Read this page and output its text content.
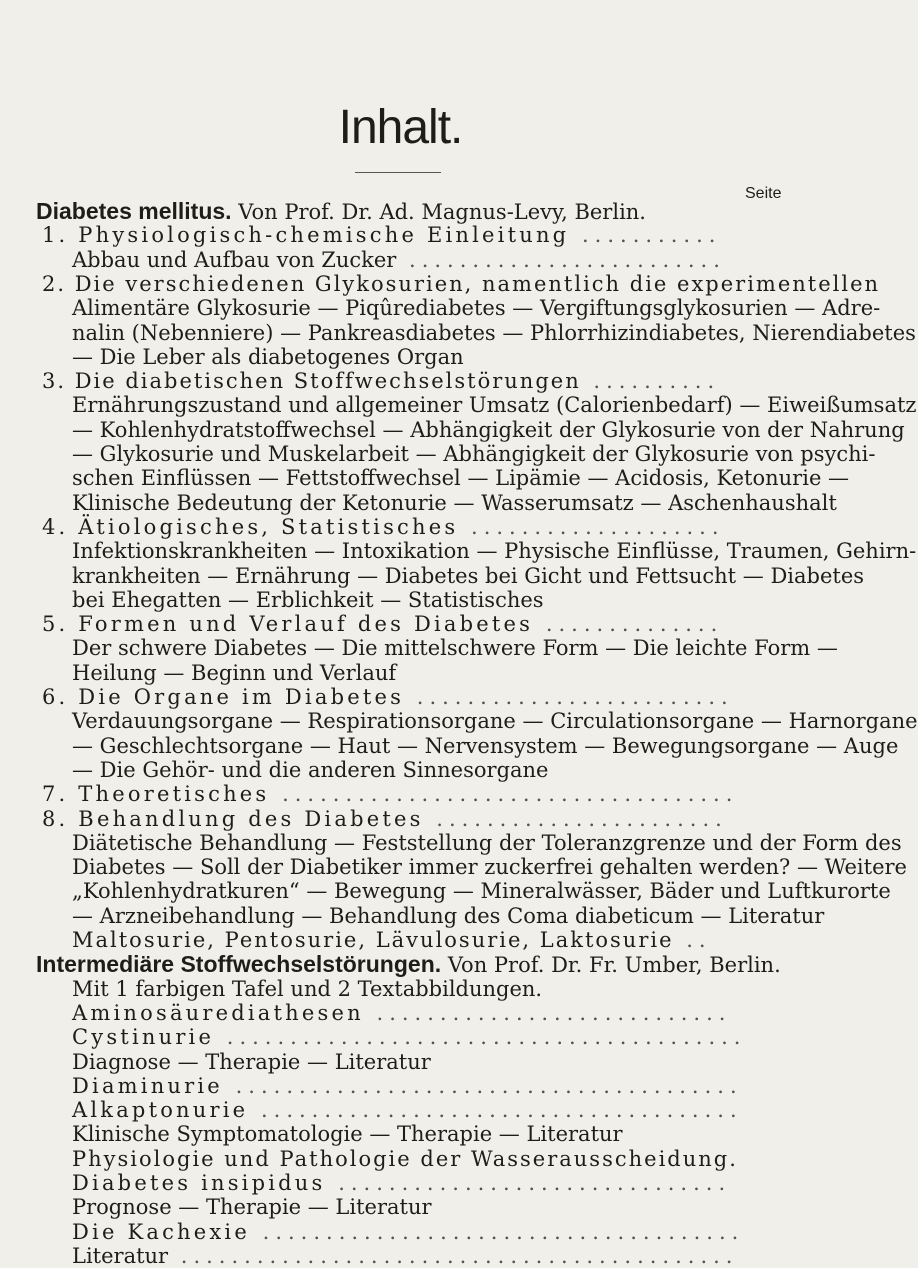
Inhalt.
Seite
Diabetes mellitus. Von Prof. Dr. Ad. Magnus-Levy, Berlin.
1. Physiologisch-chemische Einleitung ...........
Abbau und Aufbau von Zucker .........................
2. Die verschiedenen Glykosurien, namentlich die experimentellen
Alimentäre Glykosurie — Piqûrediabetes — Vergiftungsglykosurien — Adre-
nalin (Nebenniere) — Pankreasdiabetes — Phlorrhizindiabetes, Nierendiabetes
— Die Leber als diabetogenes Organ
3. Die diabetischen Stoffwechselstörungen ..........
Ernährungszustand und allgemeiner Umsatz (Calorienbedarf) — Eiweißumsatz
— Kohlenhydratstoffwechsel — Abhängigkeit der Glykosurie von der Nahrung
— Glykosurie und Muskelarbeit — Abhängigkeit der Glykosurie von psychi-
schen Einflüssen — Fettstoffwechsel — Lipämie — Acidosis, Ketonurie —
Klinische Bedeutung der Ketonurie — Wasserumsatz — Aschenhaushalt
4. Ätiologisches, Statistisches ....................
Infektionskrankheiten — Intoxikation — Physische Einflüsse, Traumen, Gehirn-
krankheiten — Ernährung — Diabetes bei Gicht und Fettsucht — Diabetes
bei Ehegatten — Erblichkeit — Statistisches
5. Formen und Verlauf des Diabetes ..............
Der schwere Diabetes — Die mittelschwere Form — Die leichte Form —
Heilung — Beginn und Verlauf
6. Die Organe im Diabetes .........................
Verdauungsorgane — Respirationsorgane — Circulationsorgane — Harnorgane
— Geschlechtsorgane — Haut — Nervensystem — Bewegungsorgane — Auge
— Die Gehör- und die anderen Sinnesorgane
7. Theoretisches ....................................
8. Behandlung des Diabetes .......................
Diätetische Behandlung — Feststellung der Toleranzgrenze und der Form des
Diabetes — Soll der Diabetiker immer zuckerfrei gehalten werden? — Weitere
„Kohlenhydratkuren“ — Bewegung — Mineralwässer, Bäder und Luftkurorte
— Arzneibehandlung — Behandlung des Coma diabeticum — Literatur
Maltosurie, Pentosurie, Lävulosurie, Laktosurie ..
Intermediäre Stoffwechselstörungen. Von Prof. Dr. Fr. Umber, Berlin.
Mit 1 farbigen Tafel und 2 Textabbildungen.
Aminosäurediathesen ............................
Cystinurie .........................................
Diagnose — Therapie — Literatur
Diaminurie ........................................
Alkaptonurie ......................................
Klinische Symptomatologie — Therapie — Literatur
Physiologie und Pathologie der Wasserausscheidung.
Diabetes insipidus ...............................
Prognose — Therapie — Literatur
Die Kachexie ......................................
Literatur ............................................
